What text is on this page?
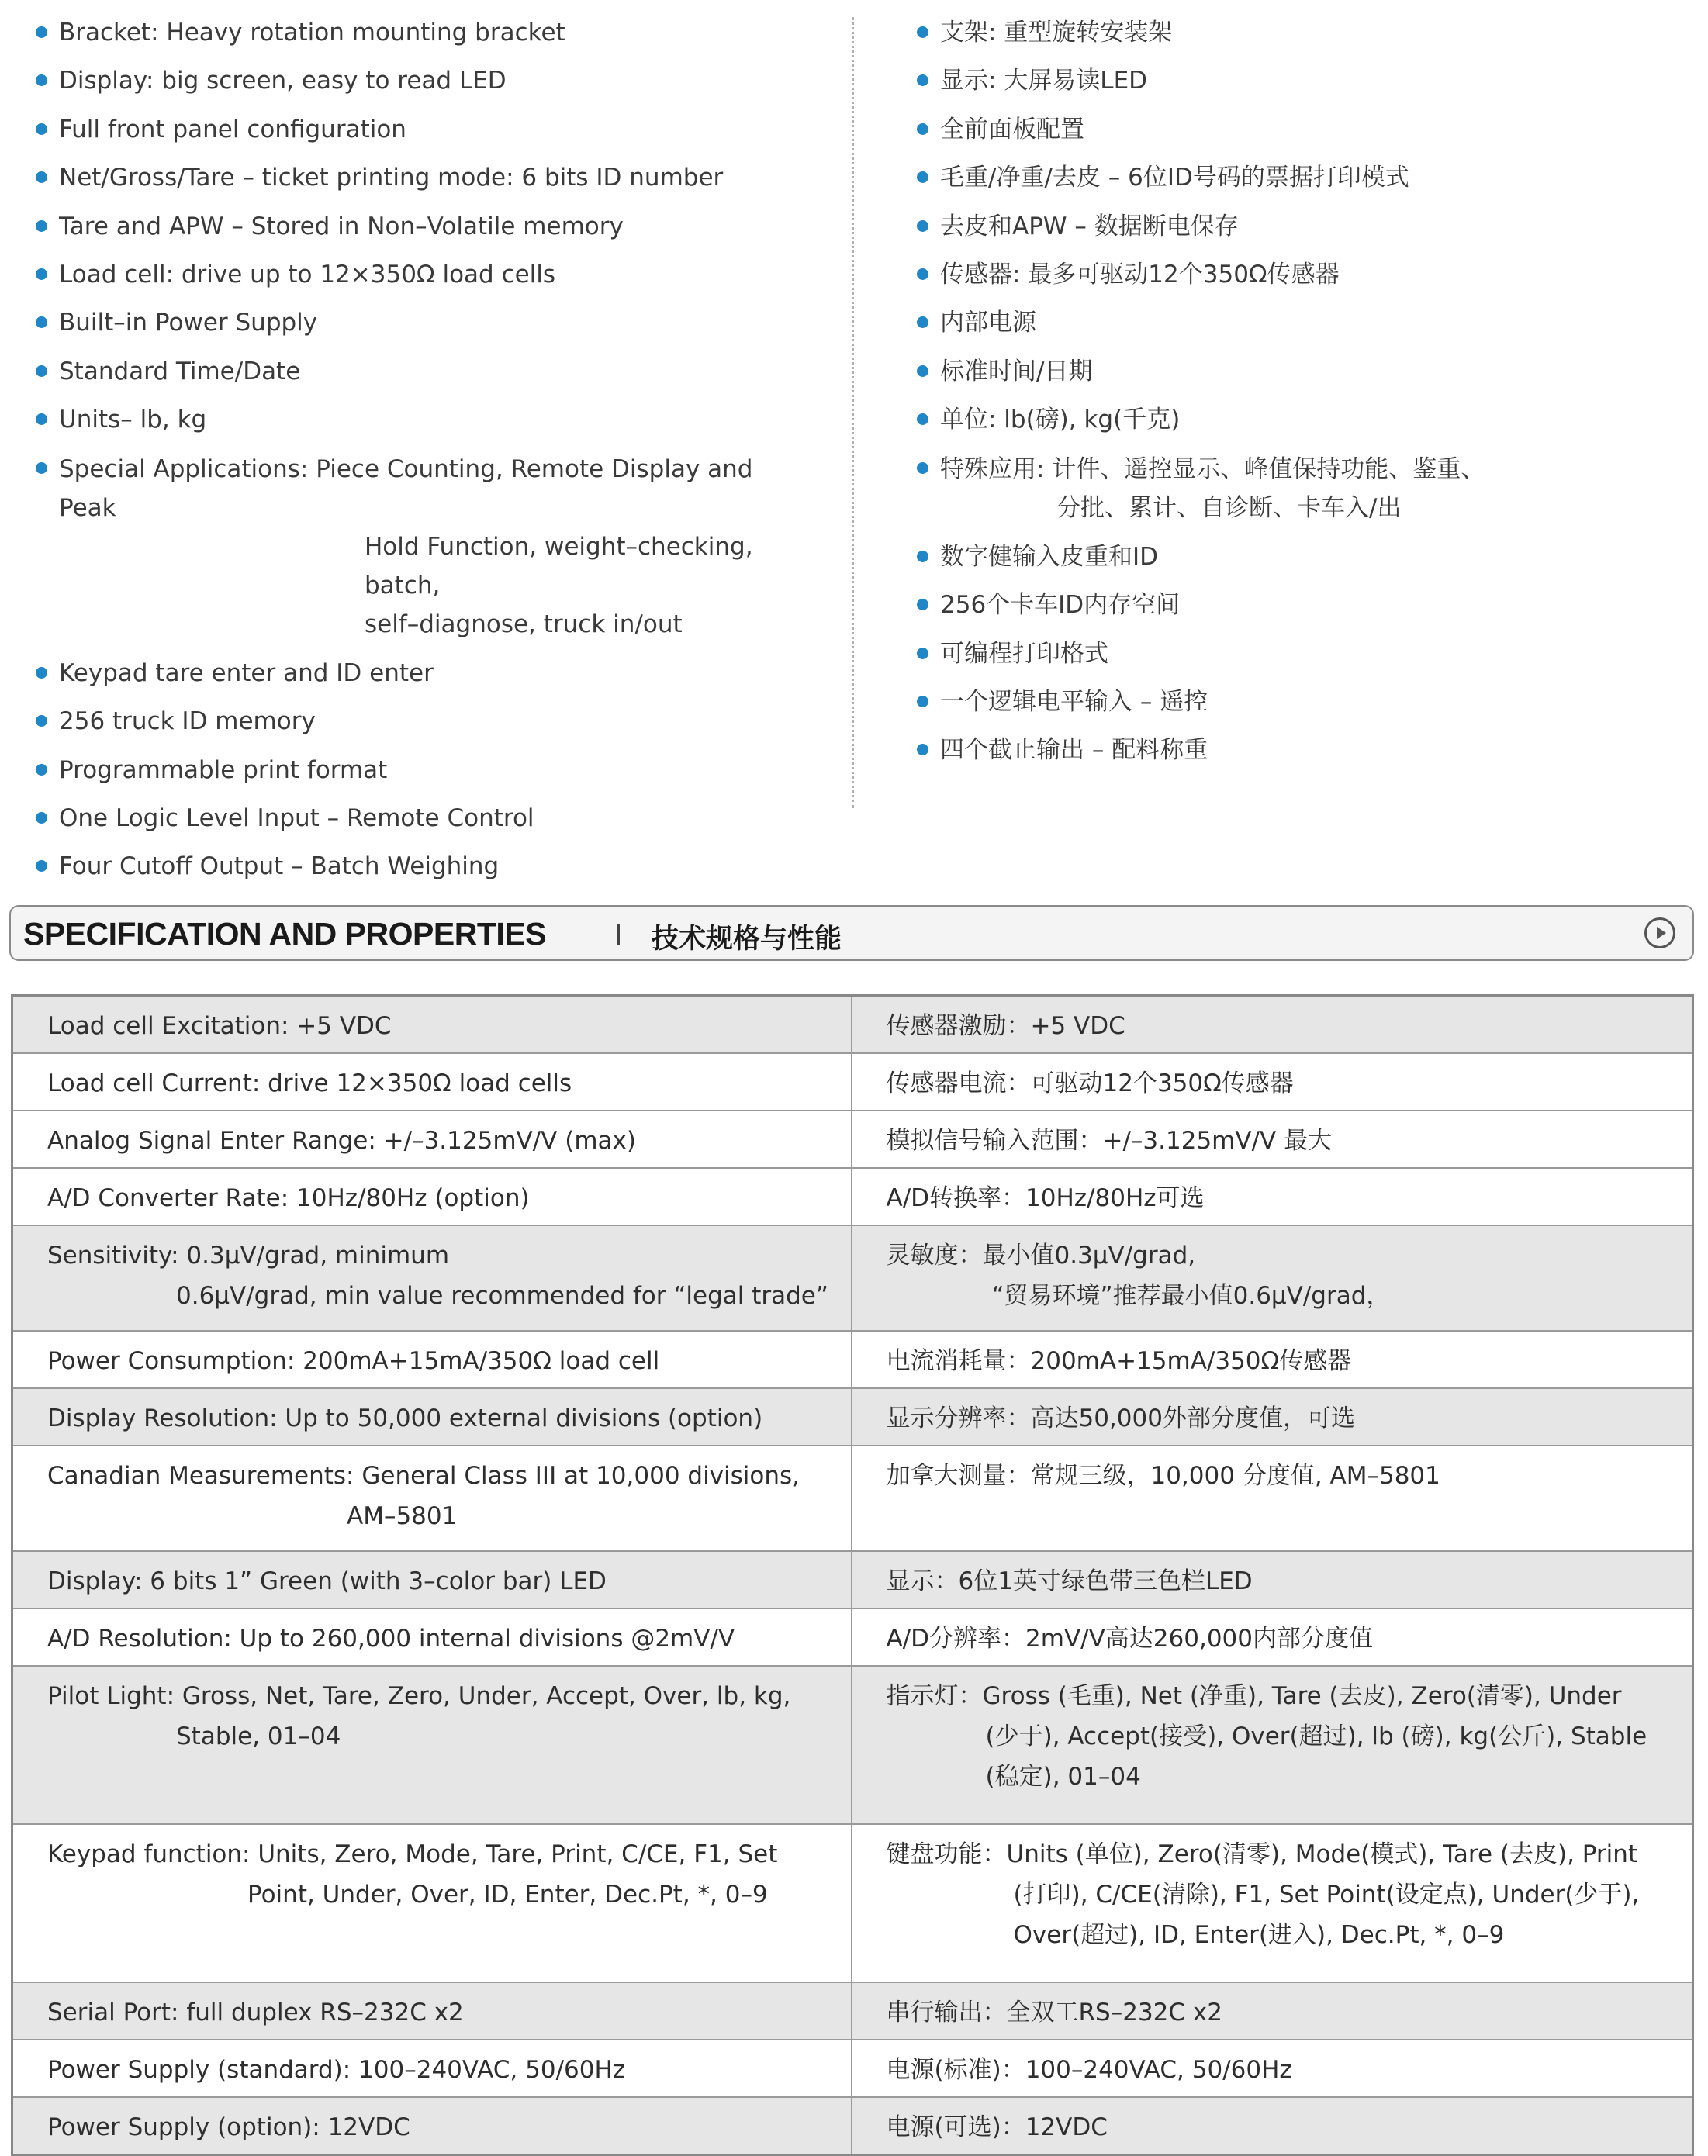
Bracket: Heavy rotation mounting bracket
Display: big screen, easy to read LED
Full front panel configuration
Net/Gross/Tare – ticket printing mode: 6 bits ID number
Tare and APW – Stored in Non–Volatile memory
Load cell: drive up to 12×350Ω load cells
Built–in Power Supply
Standard Time/Date
Units– lb, kg
Special Applications: Piece Counting, Remote Display and Peak
Hold Function, weight–checking, batch,
self–diagnose, truck in/out
Keypad tare enter and ID enter
256 truck ID memory
Programmable print format
One Logic Level Input – Remote Control
Four Cutoff Output – Batch Weighing
支架: 重型旋转安装架
显示: 大屏易读LED
全前面板配置
毛重/净重/去皮 – 6位ID号码的票据打印模式
去皮和APW – 数据断电保存
传感器: 最多可驱动12个350Ω传感器
内部电源
标准时间/日期
单位: lb(磅), kg(千克)
特殊应用: 计件、遥控显示、峰值保持功能、鉴重、
分批、累计、自诊断、卡车入/出
数字健输入皮重和ID
256个卡车ID内存空间
可编程打印格式
一个逻辑电平输入 – 遥控
四个截止输出 – 配料称重
SPECIFICATION AND PROPERTIES	技术规格与性能
Load cell Excitation: +5 VDC	传感器激励：+5 VDC

Load cell Current: drive 12×350Ω load cells	传感器电流：可驱动12个350Ω传感器

Analog Signal Enter Range: +/–3.125mV/V (max)	模拟信号输入范围：+/–3.125mV/V 最大

A/D Converter Rate: 10Hz/80Hz (option)	A/D转换率：10Hz/80Hz可选

Sensitivity: 0.3μV/grad, minimum
0.6μV/grad, min value recommended for “legal trade”	灵敏度：最小值0.3μV/grad,
“贸易环境”推荐最小值0.6μV/grad，

Power Consumption: 200mA+15mA/350Ω load cell	电流消耗量：200mA+15mA/350Ω传感器

Display Resolution: Up to 50,000 external divisions (option)	显示分辨率：高达50,000外部分度值，可选

Canadian Measurements: General Class III at 10,000 divisions,
AM–5801	加拿大测量：常规三级，10,000 分度值, AM–5801

Display: 6 bits 1” Green (with 3–color bar) LED	显示：6位1英寸绿色带三色栏LED

A/D Resolution: Up to 260,000 internal divisions @2mV/V	A/D分辨率：2mV/V高达260,000内部分度值

Pilot Light: Gross, Net, Tare, Zero, Under, Accept, Over, lb, kg,
Stable, 01–04	指示灯：Gross (毛重), Net (净重), Tare (去皮), Zero(清零), Under
(少于), Accept(接受), Over(超过), lb (磅), kg(公斤), Stable
(稳定), 01–04

Keypad function: Units, Zero, Mode, Tare, Print, C/CE, F1, Set
Point, Under, Over, ID, Enter, Dec.Pt, *, 0–9	键盘功能：Units (单位), Zero(清零), Mode(模式), Tare (去皮), Print
(打印), C/CE(清除), F1, Set Point(设定点), Under(少于),
Over(超过), ID, Enter(进入), Dec.Pt, *, 0–9

Serial Port: full duplex RS–232C x2	串行输出：全双工RS–232C x2

Power Supply (standard): 100–240VAC, 50/60Hz	电源(标准)：100–240VAC, 50/60Hz

Power Supply (option): 12VDC	电源(可选)：12VDC
